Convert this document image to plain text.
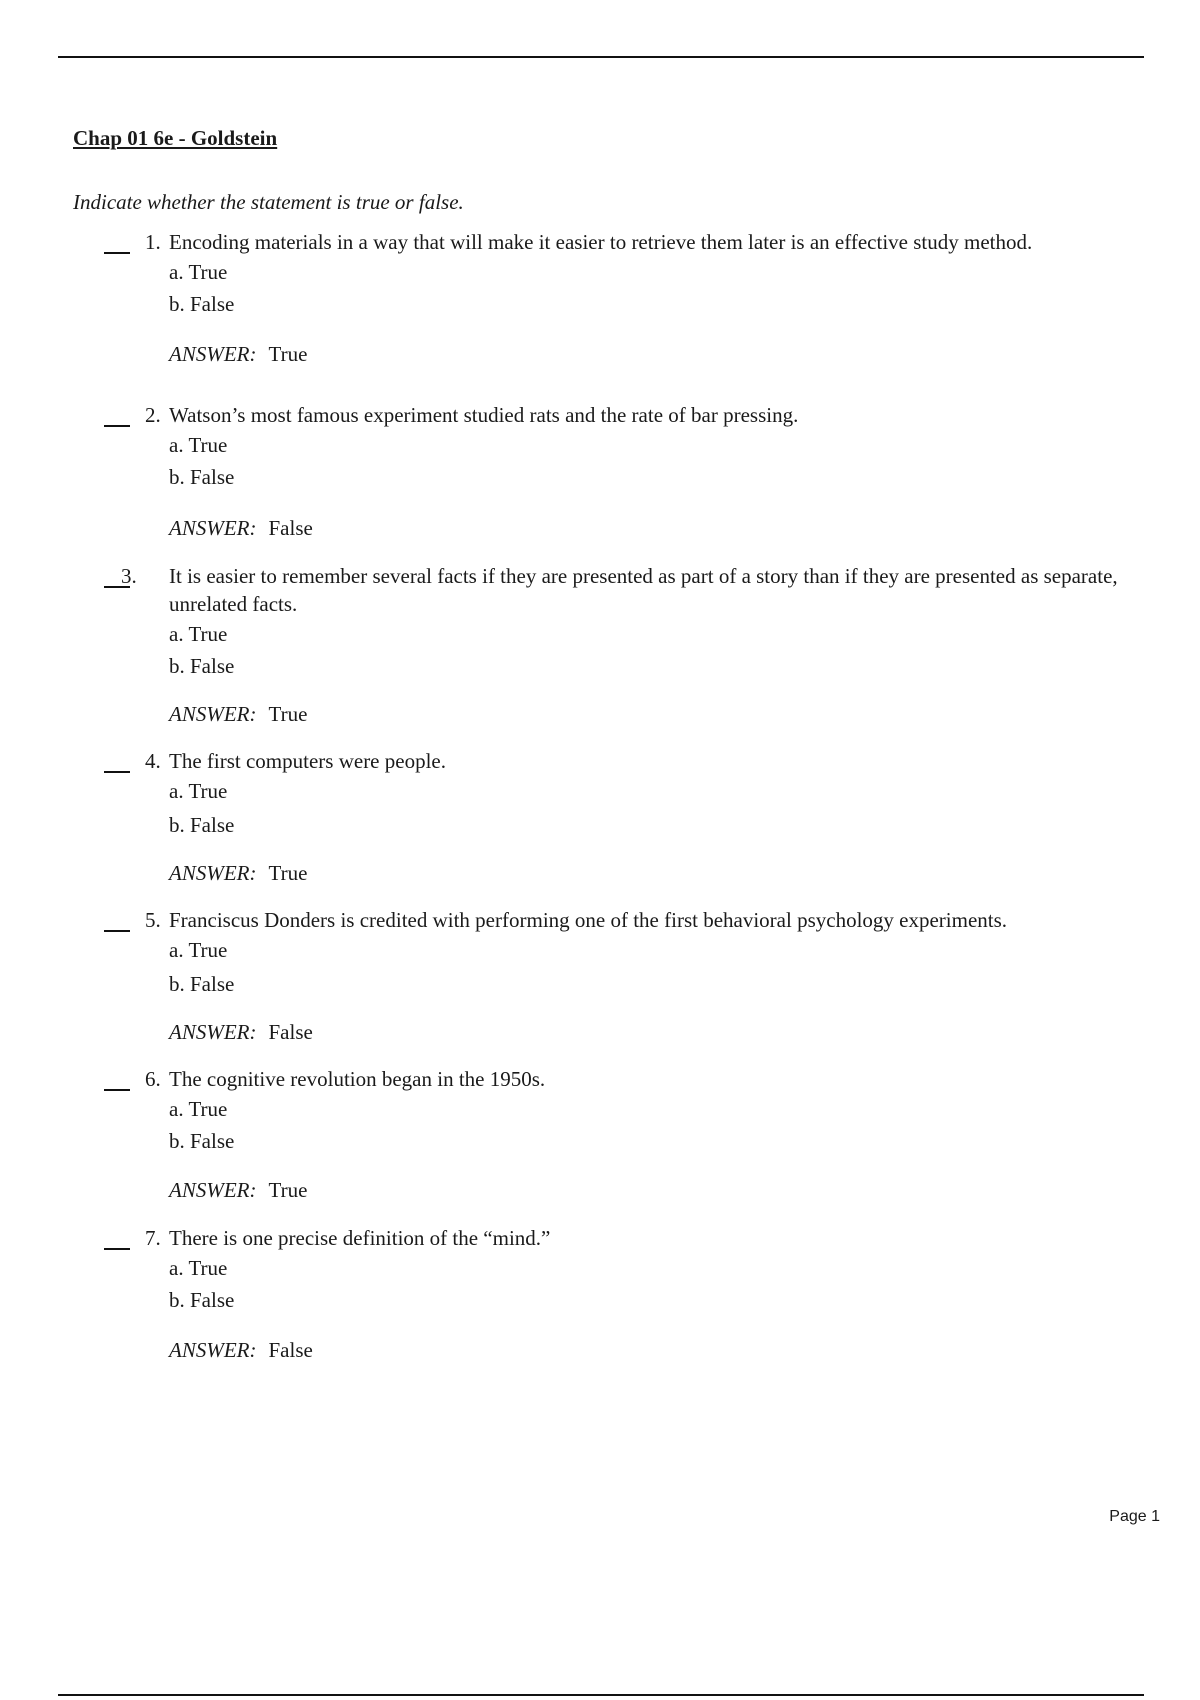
Chap 01 6e - Goldstein
Indicate whether the statement is true or false.
1. Encoding materials in a way that will make it easier to retrieve them later is an effective study method.
a. True
b. False
ANSWER: True
2. Watson’s most famous experiment studied rats and the rate of bar pressing.
a. True
b. False
ANSWER: False
3. It is easier to remember several facts if they are presented as part of a story than if they are presented as separate, unrelated facts.
a. True
b. False
ANSWER: True
4. The first computers were people.
a. True
b. False
ANSWER: True
5. Franciscus Donders is credited with performing one of the first behavioral psychology experiments.
a. True
b. False
ANSWER: False
6. The cognitive revolution began in the 1950s.
a. True
b. False
ANSWER: True
7. There is one precise definition of the “mind.”
a. True
b. False
ANSWER: False
Page 1
